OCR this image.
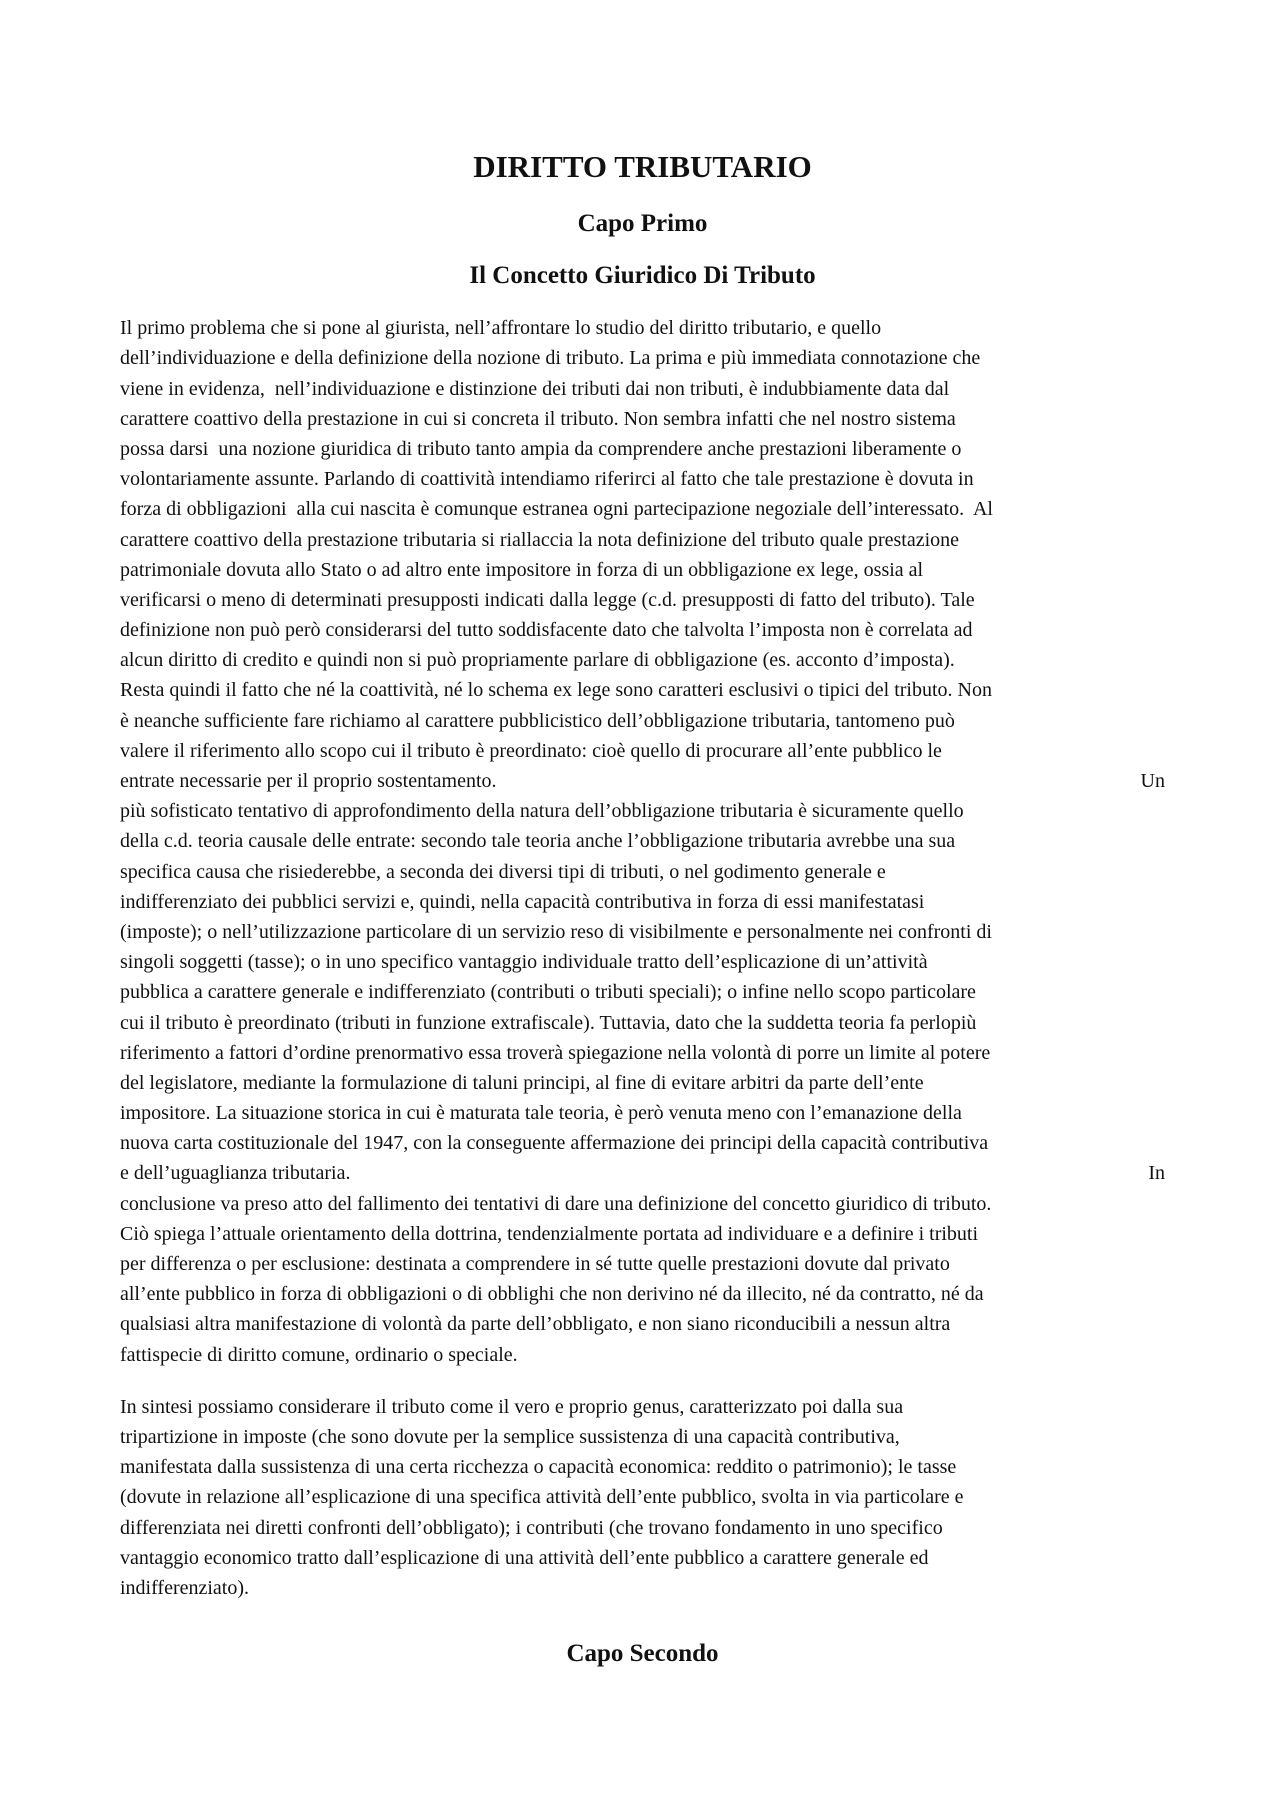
DIRITTO TRIBUTARIO
Capo Primo
Il Concetto Giuridico Di Tributo
Il primo problema che si pone al giurista, nell’affrontare lo studio del diritto tributario, e quello
dell’individuazione e della definizione della nozione di tributo. La prima e più immediata connotazione che
viene in evidenza,  nell’individuazione e distinzione dei tributi dai non tributi, è indubbiamente data dal
carattere coattivo della prestazione in cui si concreta il tributo. Non sembra infatti che nel nostro sistema
possa darsi  una nozione giuridica di tributo tanto ampia da comprendere anche prestazioni liberamente o
volontariamente assunte. Parlando di coattività intendiamo riferirci al fatto che tale prestazione è dovuta in
forza di obbligazioni  alla cui nascita è comunque estranea ogni partecipazione negoziale dell’interessato.  Al
carattere coattivo della prestazione tributaria si riallaccia la nota definizione del tributo quale prestazione
patrimoniale dovuta allo Stato o ad altro ente impositore in forza di un obbligazione ex lege, ossia al
verificarsi o meno di determinati presupposti indicati dalla legge (c.d. presupposti di fatto del tributo). Tale
definizione non può però considerarsi del tutto soddisfacente dato che talvolta l’imposta non è correlata ad
alcun diritto di credito e quindi non si può propriamente parlare di obbligazione (es. acconto d’imposta).
Resta quindi il fatto che né la coattività, né lo schema ex lege sono caratteri esclusivi o tipici del tributo. Non
è neanche sufficiente fare richiamo al carattere pubblicistico dell’obbligazione tributaria, tantomeno può
valere il riferimento allo scopo cui il tributo è preordinato: cioè quello di procurare all’ente pubblico le
entrate necessarie per il proprio sostentamento.	Un
più sofisticato tentativo di approfondimento della natura dell’obbligazione tributaria è sicuramente quello
della c.d. teoria causale delle entrate: secondo tale teoria anche l’obbligazione tributaria avrebbe una sua
specifica causa che risiederebbe, a seconda dei diversi tipi di tributi, o nel godimento generale e
indifferenziato dei pubblici servizi e, quindi, nella capacità contributiva in forza di essi manifestatasi
(imposte); o nell’utilizzazione particolare di un servizio reso di visibilmente e personalmente nei confronti di
singoli soggetti (tasse); o in uno specifico vantaggio individuale tratto dell’esplicazione di un’attività
pubblica a carattere generale e indifferenziato (contributi o tributi speciali); o infine nello scopo particolare
cui il tributo è preordinato (tributi in funzione extrafiscale). Tuttavia, dato che la suddetta teoria fa perlopiù
riferimento a fattori d’ordine prenormativo essa troverà spiegazione nella volontà di porre un limite al potere
del legislatore, mediante la formulazione di taluni principi, al fine di evitare arbitri da parte dell’ente
impositore. La situazione storica in cui è maturata tale teoria, è però venuta meno con l’emanazione della
nuova carta costituzionale del 1947, con la conseguente affermazione dei principi della capacità contributiva
e dell’uguaglianza tributaria.	In
conclusione va preso atto del fallimento dei tentativi di dare una definizione del concetto giuridico di tributo.
Ciò spiega l’attuale orientamento della dottrina, tendenzialmente portata ad individuare e a definire i tributi
per differenza o per esclusione: destinata a comprendere in sé tutte quelle prestazioni dovute dal privato
all’ente pubblico in forza di obbligazioni o di obblighi che non derivino né da illecito, né da contratto, né da
qualsiasi altra manifestazione di volontà da parte dell’obbligato, e non siano riconducibili a nessun altra
fattispecie di diritto comune, ordinario o speciale.
In sintesi possiamo considerare il tributo come il vero e proprio genus, caratterizzato poi dalla sua
tripartizione in imposte (che sono dovute per la semplice sussistenza di una capacità contributiva,
manifestata dalla sussistenza di una certa ricchezza o capacità economica: reddito o patrimonio); le tasse
(dovute in relazione all’esplicazione di una specifica attività dell’ente pubblico, svolta in via particolare e
differenziata nei diretti confronti dell’obbligato); i contributi (che trovano fondamento in uno specifico
vantaggio economico tratto dall’esplicazione di una attività dell’ente pubblico a carattere generale ed
indifferenziato).
Capo Secondo
